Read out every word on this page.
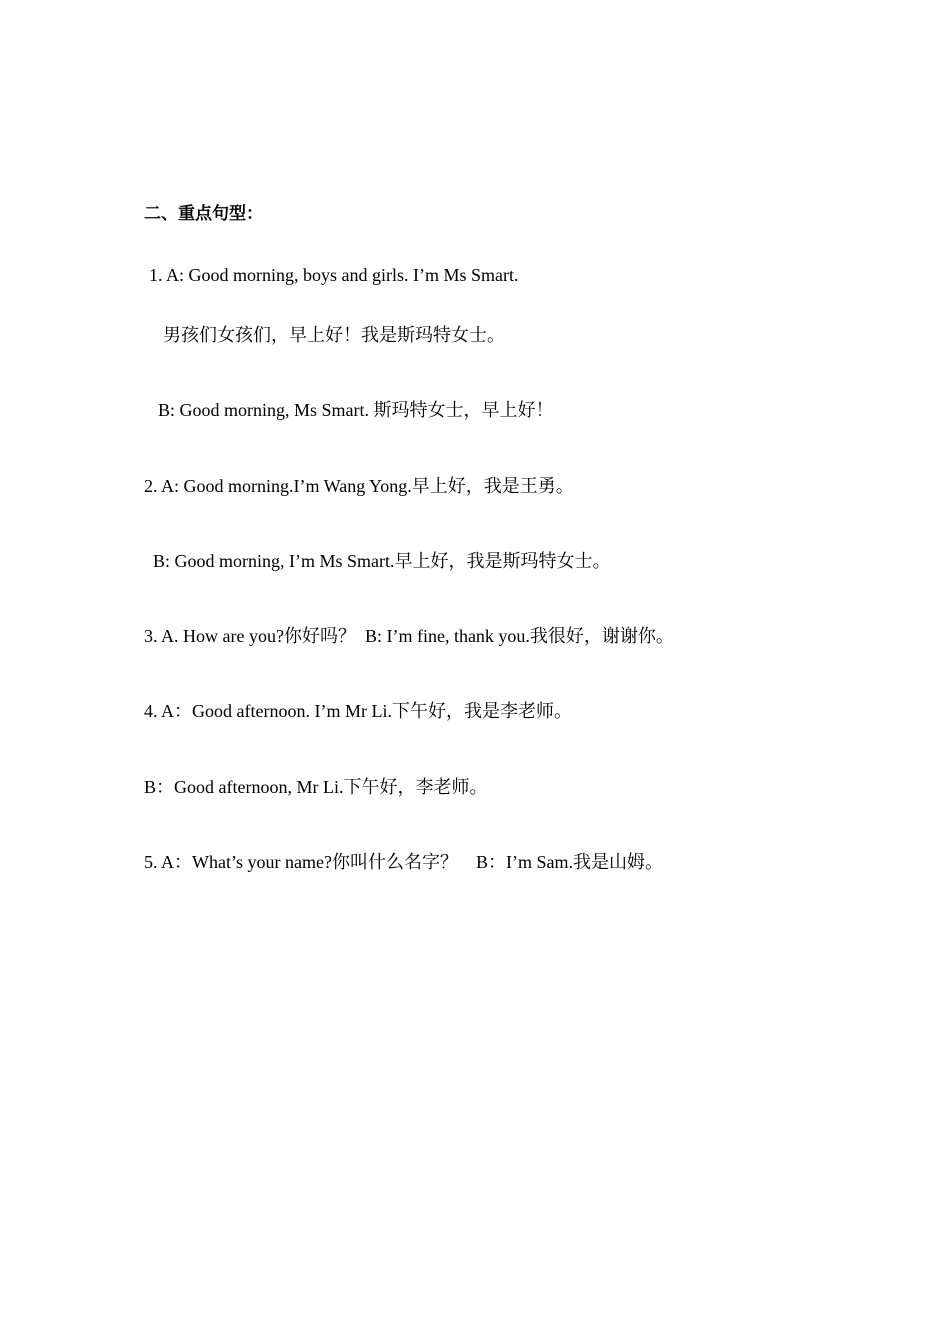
二、重点句型：
1. A: Good morning, boys and girls. I’m Ms Smart.
男孩们女孩们，早上好！我是斯玛特女士。
B: Good morning, Ms Smart. 斯玛特女士，早上好！
2. A: Good morning.I’m Wang Yong.早上好，我是王勇。
B: Good morning, I’m Ms Smart.早上好，我是斯玛特女士。
3. A. How are you?你好吗？  B: I’m fine, thank you.我很好，谢谢你。
4. A：Good afternoon. I’m Mr Li.下午好，我是李老师。
B：Good afternoon, Mr Li.下午好，李老师。
5. A：What’s your name?你叫什么名字？    B：I’m Sam.我是山姆。
